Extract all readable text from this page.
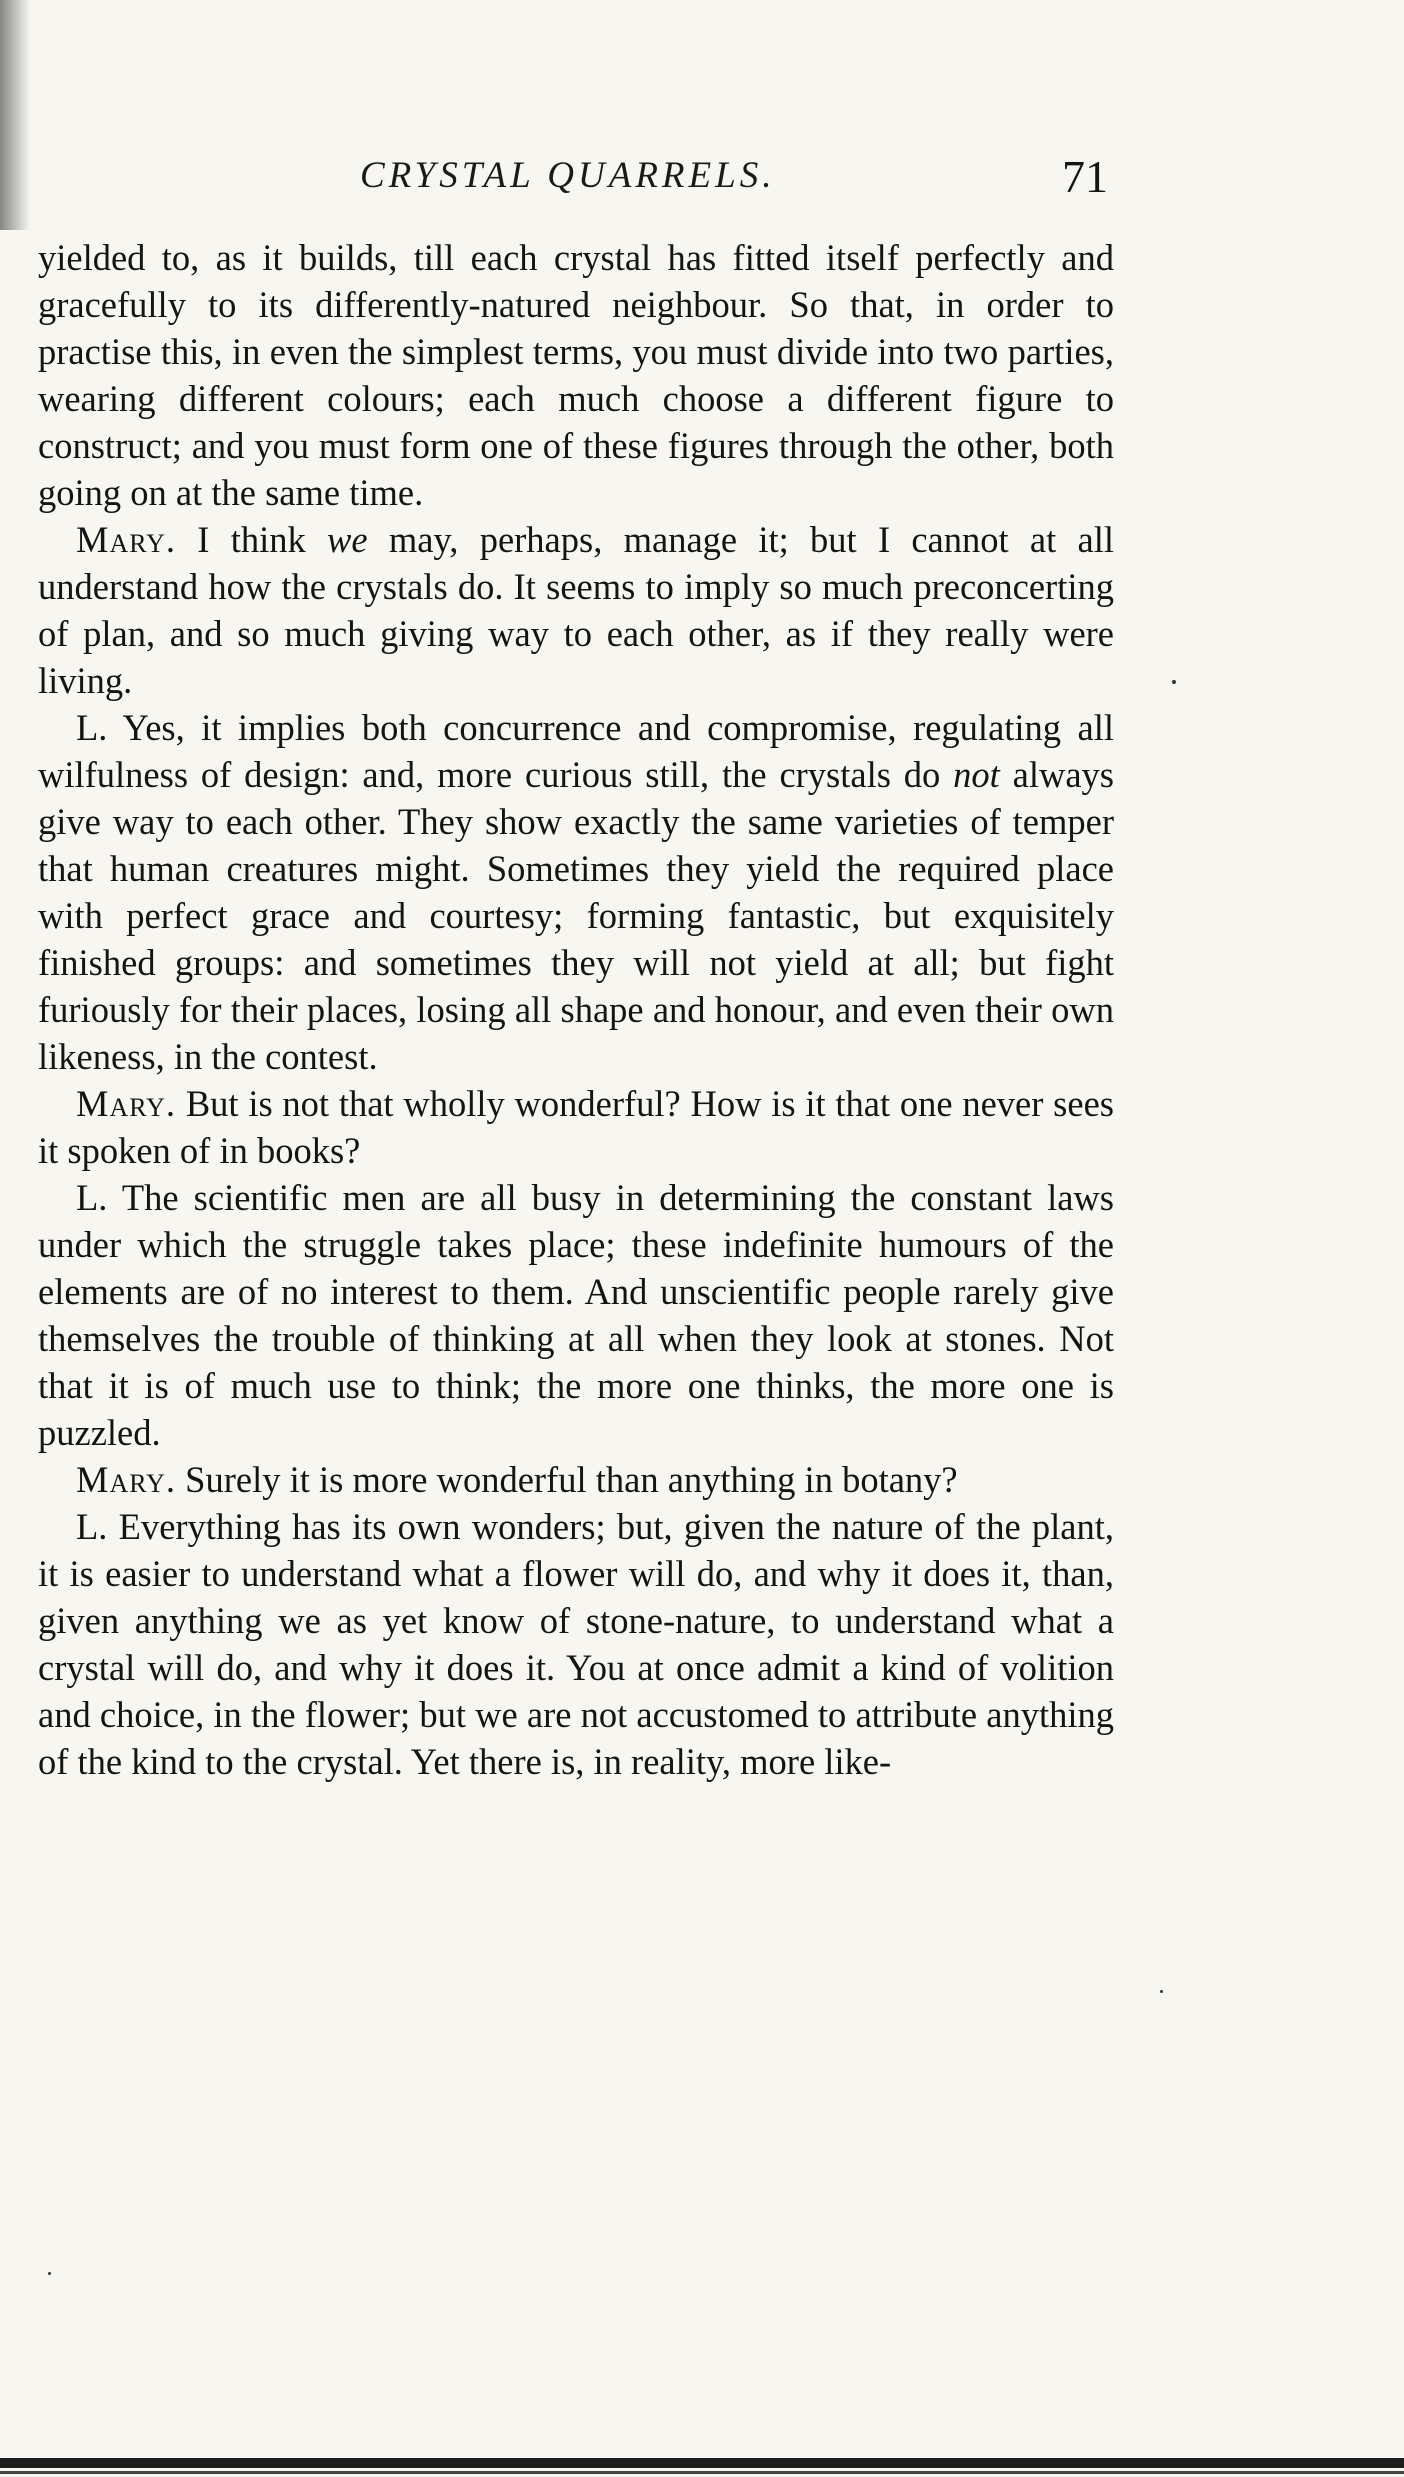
CRYSTAL QUARRELS.	71

yielded to, as it builds, till each crystal has fitted itself perfectly and gracefully to its differently-natured neighbour. So that, in order to practise this, in even the simplest terms, you must divide into two parties, wearing different colours; each much choose a different figure to construct; and you must form one of these figures through the other, both going on at the same time.

Mary. I think we may, perhaps, manage it; but I cannot at all understand how the crystals do. It seems to imply so much preconcerting of plan, and so much giving way to each other, as if they really were living.

L. Yes, it implies both concurrence and compromise, regulating all wilfulness of design: and, more curious still, the crystals do not always give way to each other. They show exactly the same varieties of temper that human creatures might. Sometimes they yield the required place with perfect grace and courtesy; forming fantastic, but exquisitely finished groups: and sometimes they will not yield at all; but fight furiously for their places, losing all shape and honour, and even their own likeness, in the contest.

Mary. But is not that wholly wonderful? How is it that one never sees it spoken of in books?

L. The scientific men are all busy in determining the constant laws under which the struggle takes place; these indefinite humours of the elements are of no interest to them. And unscientific people rarely give themselves the trouble of thinking at all when they look at stones. Not that it is of much use to think; the more one thinks, the more one is puzzled.

Mary. Surely it is more wonderful than anything in botany?

L. Everything has its own wonders; but, given the nature of the plant, it is easier to understand what a flower will do, and why it does it, than, given anything we as yet know of stone-nature, to understand what a crystal will do, and why it does it. You at once admit a kind of volition and choice, in the flower; but we are not accustomed to attribute anything of the kind to the crystal. Yet there is, in reality, more like-
